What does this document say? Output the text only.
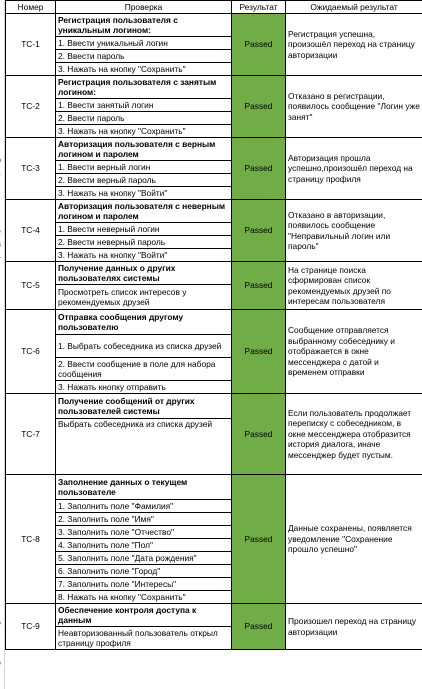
Номер	Проверка	Результат	Ожидаемый результат
TC-1	Регистрация пользователя с уникальным логином:	Passed	Регистрация успешна, произошёл переход на страницу авторизации
	1. Ввести уникальный логин		
	2. Ввести пароль		
	3. Нажать на кнопку "Сохранить"		
TC-2	Регистрация пользователя с занятым логином:	Passed	Отказано в регистрации, появилось сообщение "Логин уже занят"
	1. Ввести занятый логин		
	2. Ввести пароль		
	3. Нажать на кнопку "Сохранить"		
TC-3	Авторизация пользователя с верным логином и паролем	Passed	Авторизация прошла успешно,произошёл переход на страницу профиля
	1. Ввести верный логин		
	2. Ввести верный пароль		
	3. Нажать на кнопку "Войти"		
TC-4	Авторизация пользователя с неверным логином и паролем	Passed	Отказано в авторизации, появилось сообщение "Неправильный логин или пароль"
	1. Ввести неверный логин		
	2. Ввести неверный пароль		
	3. Нажать на кнопку "Войти"		
TC-5	Получение данных о других пользователях системы	Passed	На странице поиска сформирован список рекомендуемых друзей по интересам пользователя
	Просмотреть список интересов у рекомендуемых друзей		
TC-6	Отправка сообщения другому пользователю	Passed	Сообщение отправляется выбранному собеседнику и отображается в окне мессенджера с датой и временем отправки
	1. Выбрать собеседника из списка друзей		
	2. Ввести сообщение в поле для набора сообщения		
	3. Нажать кнопку отправить		
TC-7	Получение сообщений от других пользователей системы	Passed	Если пользователь продолжает переписку с собеседником, в окне мессенджера отобразится история диалога, иначе мессенджер будет пустым.
	Выбрать собеседника из списка друзей		
TC-8	Заполнение данных о текущем пользователе	Passed	Данные сохранены, появляется уведомление "Сохранение прошло успешно"
	1. Заполнить поле "Фамилия"		
	2. Заполнить поле "Имя"		
	3. Заполнить поле "Отчество"		
	4. Заполнить поле "Пол"		
	5. Заполнить поле "Дата рождения"		
	6. Заполнить поле "Город"		
	7. Заполнить поле "Интересы"		
	8. Нажать на кнопку "Сохранить"		
TC-9	Обеспечение контроля доступа к данным	Passed	Произошел переход на страницу авторизации
	Неавторизованный пользователь открыл страницу профиля		
